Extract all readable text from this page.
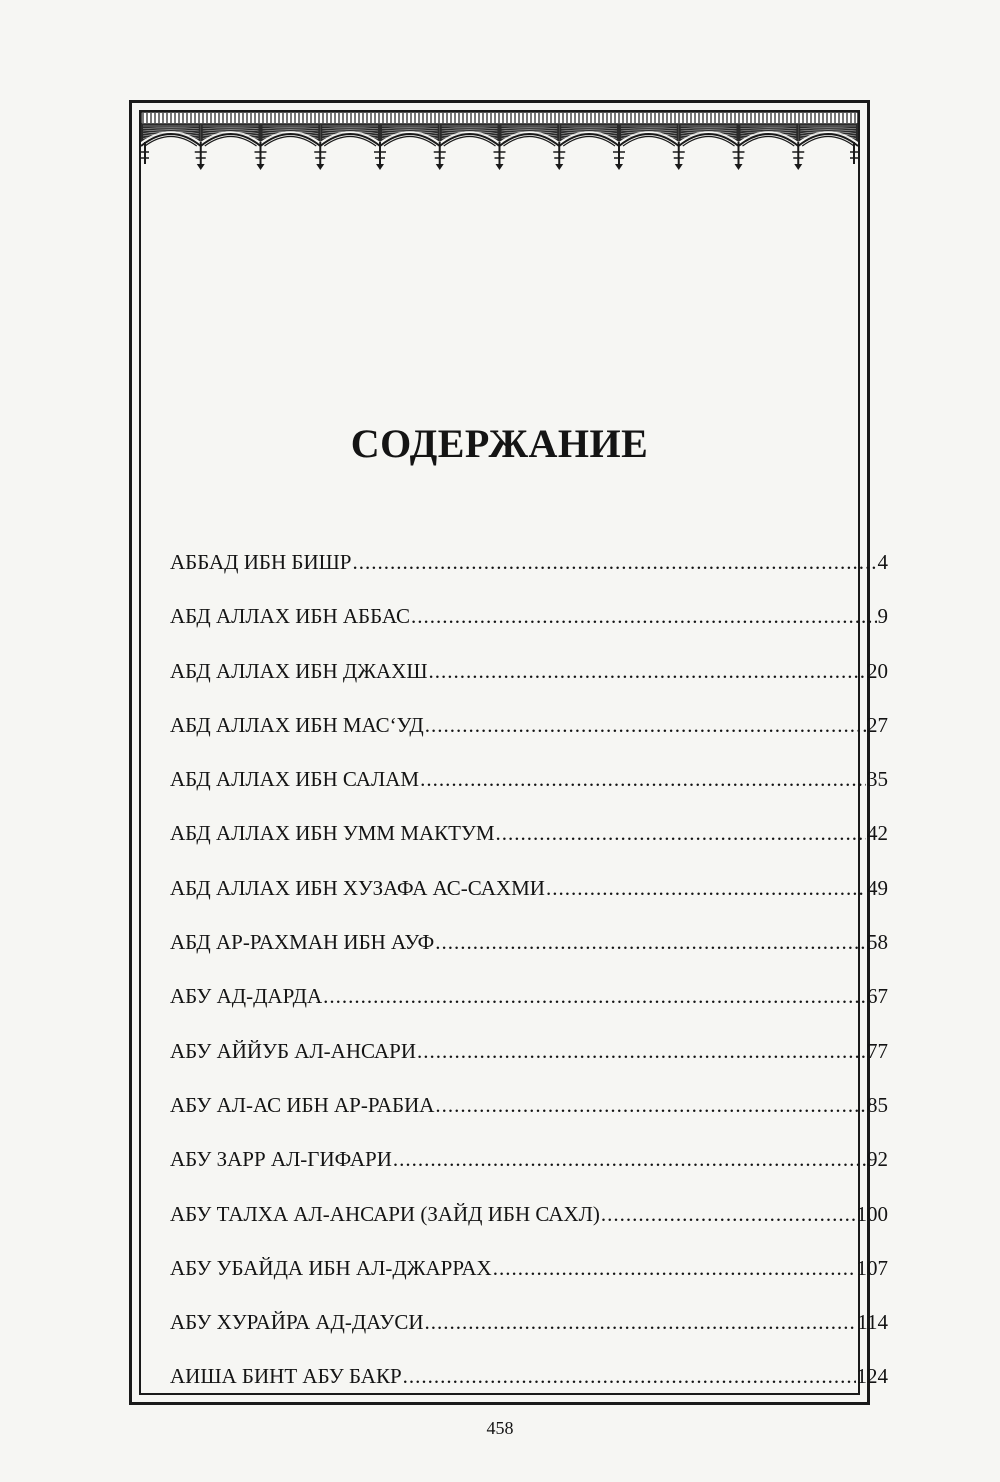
СОДЕРЖАНИЕ
АББАД ИБН БИШР .....	4
АБД АЛЛАХ ИБН АББАС .....	9
АБД АЛЛАХ ИБН ДЖАХШ .....	20
АБД АЛЛАХ ИБН МАС‘УД .....	27
АБД АЛЛАХ ИБН САЛАМ .....	35
АБД АЛЛАХ ИБН УММ МАКТУМ .....	42
АБД АЛЛАХ ИБН ХУЗАФА АС-САХМИ .....	49
АБД АР-РАХМАН ИБН АУФ .....	58
АБУ АД-ДАРДА .....	67
АБУ АЙЙУБ АЛ-АНСАРИ .....	77
АБУ АЛ-АС ИБН АР-РАБИА .....	85
АБУ ЗАРР АЛ-ГИФАРИ .....	92
АБУ ТАЛХА АЛ-АНСАРИ (ЗАЙД ИБН САХЛ) .....	100
АБУ УБАЙДА ИБН АЛ-ДЖАРРАХ .....	107
АБУ ХУРАЙРА АД-ДАУСИ .....	114
АИША БИНТ АБУ БАКР .....	124
458
